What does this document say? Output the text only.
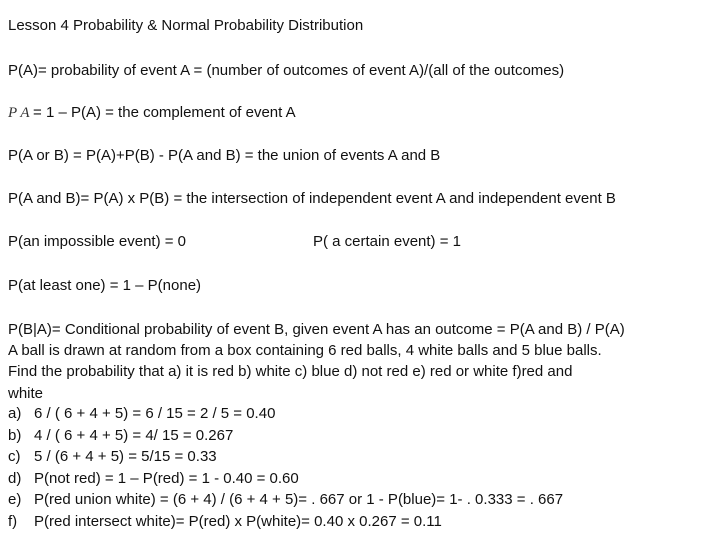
Lesson 4 Probability & Normal Probability Distribution
P(A)= probability of event A = (number of outcomes of event A)/(all of the outcomes)
P A = 1 – P(A) = the complement of event A
P(A or B) = P(A)+P(B) - P(A and B) = the union of events A and B
P(A and B)= P(A) x P(B) = the intersection of independent event A and independent event B
P(an impossible event) = 0	P( a certain event) = 1
P(at least one) = 1 – P(none)
P(B|A)= Conditional probability of event B, given event A has an outcome = P(A and B) / P(A)
A ball is drawn at random from a box containing 6 red balls, 4 white balls and 5 blue balls.
Find the probability that a) it is red b) white c) blue d) not red e) red or white f)red and
white
a) 6 / ( 6 + 4 + 5) = 6 / 15 = 2 / 5 = 0.40
b) 4 / ( 6 + 4 + 5) = 4/ 15 = 0.267
c) 5 / (6 + 4 + 5) = 5/15 = 0.33
d) P(not red) = 1 – P(red) = 1 - 0.40 = 0.60
e) P(red union white) = (6 + 4) / (6 + 4 + 5)= . 667 or 1 - P(blue)= 1- . 0.333 = . 667
f) P(red intersect white)= P(red) x P(white)= 0.40 x 0.267 = 0.11
